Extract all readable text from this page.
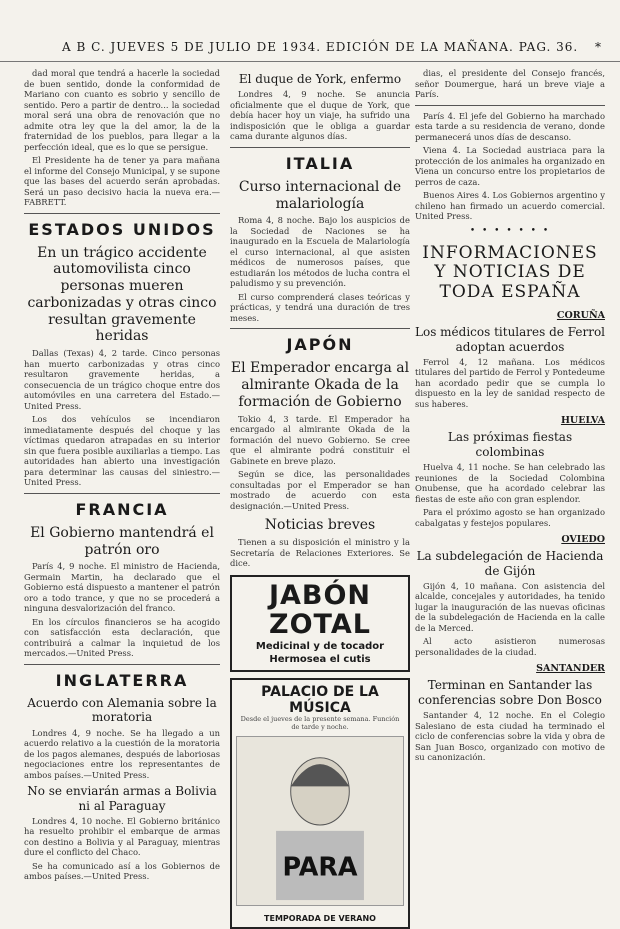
A B C. JUEVES 5 DE JULIO DE 1934. EDICIÓN DE LA MAÑANA. PAG. 36. *

dad moral que tendrá a hacerle la sociedad de buen sentido, donde la conformidad de Mariano con cuanto es sobrio y sencillo de sentido. Pero a partir de dentro... la sociedad moral será una obra de renovación que no admite otra ley que la del amor, la de la fraternidad de los pueblos, para llegar a la perfección ideal, que es lo que se persigue.

El Presidente ha de tener ya para mañana el informe del Consejo Municipal, y se supone que las bases del acuerdo serán aprobadas. Será un paso decisivo hacia la nueva era.—FABRETT.

ESTADOS UNIDOS
En un trágico accidente automovilista cinco personas mueren carbonizadas y otras cinco resultan gravemente heridas

Dallas (Texas) 4, 2 tarde. Cinco personas han muerto carbonizadas y otras cinco resultaron gravemente heridas, a consecuencia de un trágico choque entre dos automóviles en una carretera del Estado.—United Press.

Los dos vehículos se incendiaron inmediatamente después del choque y las víctimas quedaron atrapadas en su interior sin que fuera posible auxiliarlas a tiempo. Las autoridades han abierto una investigación para determinar las causas del siniestro.—United Press.

FRANCIA
El Gobierno mantendrá el patrón oro

París 4, 9 noche. El ministro de Hacienda, Germain Martin, ha declarado que el Gobierno está dispuesto a mantener el patrón oro a todo trance, y que no se procederá a ninguna desvalorización del franco.

En los círculos financieros se ha acogido con satisfacción esta declaración, que contribuirá a calmar la inquietud de los mercados.—United Press.

INGLATERRA
Acuerdo con Alemania sobre la moratoria

Londres 4, 9 noche. Se ha llegado a un acuerdo relativo a la cuestión de la moratoria de los pagos alemanes, después de laboriosas negociaciones entre los representantes de ambos países.—United Press.

No se enviarán armas a Bolivia ni al Paraguay

Londres 4, 10 noche. El Gobierno británico ha resuelto prohibir el embarque de armas con destino a Bolivia y al Paraguay, mientras dure el conflicto del Chaco.

Se ha comunicado así a los Gobiernos de ambos países.—United Press.

El duque de York, enfermo

Londres 4, 9 noche. Se anuncia oficialmente que el duque de York, que debía hacer hoy un viaje, ha sufrido una indisposición que le obliga a guardar cama durante algunos días.

ITALIA
Curso internacional de malariología

Roma 4, 8 noche. Bajo los auspicios de la Sociedad de Naciones se ha inaugurado en la Escuela de Malariología el curso internacional, al que asisten médicos de numerosos países, que estudiarán los métodos de lucha contra el paludismo y su prevención.

El curso comprenderá clases teóricas y prácticas, y tendrá una duración de tres meses.

JAPÓN
El Emperador encarga al almirante Okada de la formación de Gobierno

Tokio 4, 3 tarde. El Emperador ha encargado al almirante Okada de la formación del nuevo Gobierno. Se cree que el almirante podrá constituir el Gabinete en breve plazo.

Según se dice, las personalidades consultadas por el Emperador se han mostrado de acuerdo con esta designación.—United Press.

Noticias breves

Tienen a su disposición el ministro y la Secretaría de Relaciones Exteriores. Se dice.

JABÓN ZOTAL
Medicinal y de tocador
Hermosea el cutis
PALACIO DE LA MÚSICA
Desde el jueves de la presente semana. Función de tarde y noche.
PARA
TEMPORADA DE VERANO

dias, el presidente del Consejo francés, señor Doumergue, hará un breve viaje a París.

París 4. El jefe del Gobierno ha marchado esta tarde a su residencia de verano, donde permanecerá unos días de descanso.

Viena 4. La Sociedad austriaca para la protección de los animales ha organizado en Viena un concurso entre los propietarios de perros de caza.

Buenos Aires 4. Los Gobiernos argentino y chileno han firmado un acuerdo comercial. United Press.

• • • • • • •
INFORMACIONES Y NOTICIAS DE TODA ESPAÑA
CORUÑA
Los médicos titulares de Ferrol adoptan acuerdos

Ferrol 4, 12 mañana. Los médicos titulares del partido de Ferrol y Pontedeume han acordado pedir que se cumpla lo dispuesto en la ley de sanidad respecto de sus haberes.

HUELVA
Las próximas fiestas colombinas

Huelva 4, 11 noche. Se han celebrado las reuniones de la Sociedad Colombina Onubense, que ha acordado celebrar las fiestas de este año con gran esplendor.

Para el próximo agosto se han organizado cabalgatas y festejos populares.

OVIEDO
La subdelegación de Hacienda de Gijón

Gijón 4, 10 mañana. Con asistencia del alcalde, concejales y autoridades, ha tenido lugar la inauguración de las nuevas oficinas de la subdelegación de Hacienda en la calle de la Merced.

Al acto asistieron numerosas personalidades de la ciudad.

SANTANDER
Terminan en Santander las conferencias sobre Don Bosco

Santander 4, 12 noche. En el Colegio Salesiano de esta ciudad ha terminado el ciclo de conferencias sobre la vida y obra de San Juan Bosco, organizado con motivo de su canonización.
